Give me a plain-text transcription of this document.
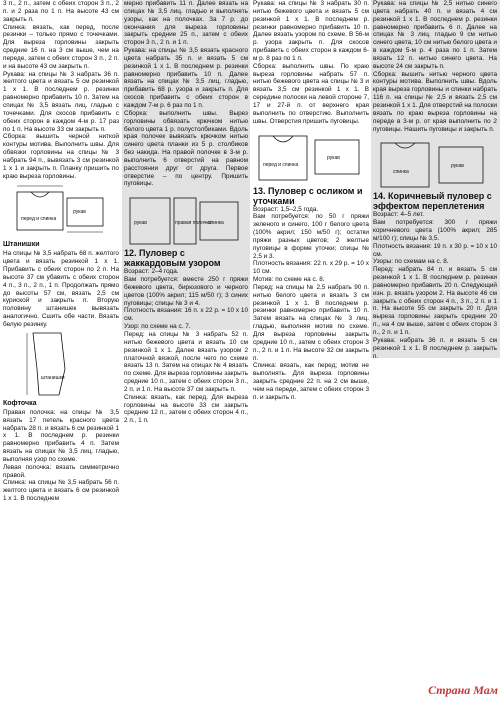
3 п., 2 п., затем с обеих сторон 3 п., 2 п. и 2 раза по 1 п. На высоте 43 см закрыть п.

Спинка: вязать, как перед, после резинки – только прямо с точечками. Для выреза горловины закрыть средние 16 п. на 3 см выше, чем на переде, затем с обеих сторон 3 п., 2 п. и на высоте 43 см закрыть п.

Рукава: на спицы № 3 набрать 36 п. желтого цвета и вязать 5 см резинкой 1 х 1. В последнем р. резинки равномерно прибавить 10 п. Затем на спицах № 3,5 вязать лиц. гладью с точечками. Для скосов прибавить с обеих сторон в каждом 4-м р. 17 раз по 1 п. На высоте 33 см закрыть п.

Сборка: вышить черной ниткой контуры мотива. Выполнить швы. Для обвязки горловины на спицы № 3 набрать 94 п., вывязать 3 см резинкой 1 х 1 и закрыть п. Планку пришить по краю выреза горловины.

рукав
перед и спинка

Штанишки

На спицы № 3,5 набрать 68 п. желтого цвета и вязать резинкой 1 х 1. Прибавить с обеих сторон по 2 п. На высоте 37 см убавить с обеих сторон 4 п., 3 п., 2 п., 1 п. Продолжать прямо до высоты 57 см, вязать 2,5 см куриской и закрыть п. Вторую половину штанишек вывязать аналогично. Сшить обе части. Вязать белую резинку.

штанишки

Кофточка

Правая полочка: на спицы № 3,5 вязать 17 петель красного цвета набрать 28 п. и вязать 6 см резинкой 1 х 1. В последнем р. резинки равномерно прибавить 4 п. Затем вязать на спицах № 3,5 лиц. гладью, выполняя узор по схеме.

Левая полочка: вязать симметрично правой.

Спинка: на спицы № 3,5 набрать 56 п. желтого цвета и вязать 6 см резинкой 1 х 1. В последнем

мерно прибавить 11 п. Далее вязать на спицах № 3,5 лиц. гладью и выполнять узоры, как на полочках. За 7 р. до окончания для выреза горловины закрыть средние 25 п., затем с обеих сторон 3 п., 2 п. и 1 п.

Рукава: на спицы № 3,5 вязать красного цвета набрать 35 п. и вязать 5 см резинкой 1 х 1. В последнем р. резинки равномерно прибавить 10 п. Далее вязать на спицах № 3,5 лиц. гладью, прибавить 68 р. узора и закрыть п. Для скосов прибавить с обеих сторон в каждом 7-м р. 6 раз по 1 п.

Сборка: выполнить швы. Вырез горловины обвязать крючком нитью белого цвета 1 р. полустолбиками. Вдоль края полочек вывязать крючком нитью синего цвета планки из 5 р. столбиков без накида. На правой полочке в 3-м р. выполнить 6 отверстий на равном расстоянии друг от друга. Первое отверстие – по центру. Пришить пуговицы.

рукав	правая полочка
спинка

12. Пуловер с жаккардовым узором

Возраст: 2–4 года.

Вам потребуется: вместе 250 г пряжи бежевого цвета, бирюзового и черного цветов (100% акрил; 115 м/50 г); 3 синих пуговицы; спицы № 3 и 4.

Плотность вязания: 16 п. x 22 р. = 10 х 10 см.

Узор: по схеме на с. 7.

Перед: на спицы № 3 набрать 52 п. нитью бежевого цвета и вязать 10 см резинкой 1 х 1. Далее вязать узором 2 платочной вязкой, после чего по схеме вязать 13 п. Затем на спицах № 4 вязать по схеме. Для выреза горловины закрыть средние 10 п., затем с обеих сторон 3 п., 2 п. и 1 п. На высоте 37 см закрыть п.

Спинка: вязать, как перед. Для выреза горловины на высоте 33 см закрыть средние 12 п., затем с обеих сторон 4 п., 2 п., 1 п.

Рукава: на спицы № 3 набрать 30 п. нитью бежевого цвета и вязать 5 см резинкой 1 х 1. В последнем р. резинки равномерно прибавить 10 п. Далее вязать узором по схеме. В 56-м р. узора закрыть п. Для скосов прибавить с обеих сторон в каждом 6-м р. 8 раз по 1 п.

Сборка: выполнить швы. По краю выреза горловины набрать 57 п. нитью бежевого цвета на спицы № 3 и вязать 3,5 см резинкой 1 х 1. В середине полоски на левой стороне 7, 17 и 27-й п. от верхнего края выполнить по отверстию. Выполнить швы. Отверстия пришить пуговицы.

перед и спинка
рукав

13. Пуловер с осликом и уточками

Возраст: 1,5–2,5 года.

Вам потребуется: по 50 г пряжи зеленого и синего, 100 г белого цвета (100% акрил; 150 м/50 г); остатки пряжи разных цветов; 2 желтые пуговицы в форме уточки; спицы № 2,5 и 3.

Плотность вязания: 22 п. х 29 р. = 10 х 10 см.

Мотив: по схеме на с. 8.

Перед: на спицы № 2,5 набрать 90 п. нитью белого цвета и вязать 3 см резинкой 1 х 1. В последнем р. резинки равномерно прибавить 10 п. Затем вязать на спицах № 3 лиц. гладью, выполняя мотив по схеме. Для выреза горловины закрыть средние 10 п., затем с обеих сторон 3 п., 2 п. и 1 п. На высоте 32 см закрыть п.

Спинка: вязать, как перед; мотив не выполнять. Для выреза горловины закрыть средние 22 п. на 2 см выше, чем на переде, затем с обеих сторон 3 п. и закрыть п.

Рукава: на спицы № 2,5 нитью синего цвета набрать 40 п. и вязать 4 см резинкой 1 х 1. В последнем р. резинки равномерно прибавить 6 п. Далее на спицах № 3 лиц. гладью 9 см нитью синего цвета, 10 см нитью белого цвета и в каждом 5-м р. 4 раза по 1 п. Затем вязать 12 п. нитью синего цвета. На высоте 24 см закрыть п.

Сборка: вышить нитью черного цвета контуры мотива. Выполнить швы. Вдоль края выреза горловины и спинки набрать 116 п. на спицы № 2,5 и вязать 2,5 см резинкой 1 х 1. Для отверстий на полоски вязать по краю выреза горловины на переде в 3-м р. от края выполнить по 2 пуговицы. Нашить пуговицы и закрыть п.

спинка
рукав

14. Коричневый пуловер с эффектом переплетения

Возраст: 4–5 лет.

Вам потребуется: 300 г пряжи коричневого цвета (100% акрил; 285 м/100 г); спицы № 3,5.

Плотность вязания: 19 п. х 30 р. = 10 х 10 см.

Узоры: по схемам на с. 8.

Перед: набрать 84 п. и вязать 5 см резинкой 1 х 1. В последнем р. резинки равномерно прибавить 20 п. Следующий изн. р. вязать узором 2. На высоте 46 см закрыть с обеих сторон 4 п., 3 п., 2 п. и 1 п. На высоте 55 см закрыть 20 п. Для выреза горловины закрыть средние 20 п., на 4 см выше, затем с обеих сторон 3 п., 2 п. и 1 п.

Рукава: набрать 36 п. и вязать 5 см резинкой 1 х 1. В последнем р. закрыть п.

Страна Мам
